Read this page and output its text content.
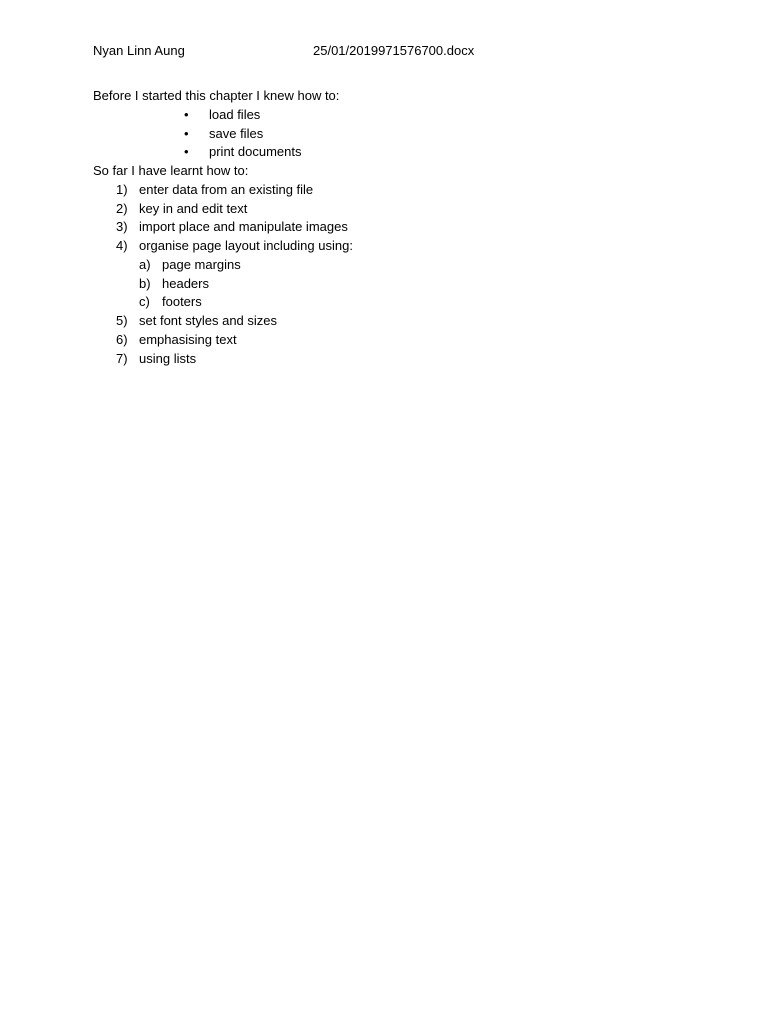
Nyan Linn Aung	25/01/2019971576700.docx
Before I started this chapter I knew how to:
• load files
• save files
• print documents
So far I have learnt how to:
1) enter data from an existing file
2) key in and edit text
3) import place and manipulate images
4) organise page layout including using:
a) page margins
b) headers
c) footers
5) set font styles and sizes
6) emphasising text
7) using lists
